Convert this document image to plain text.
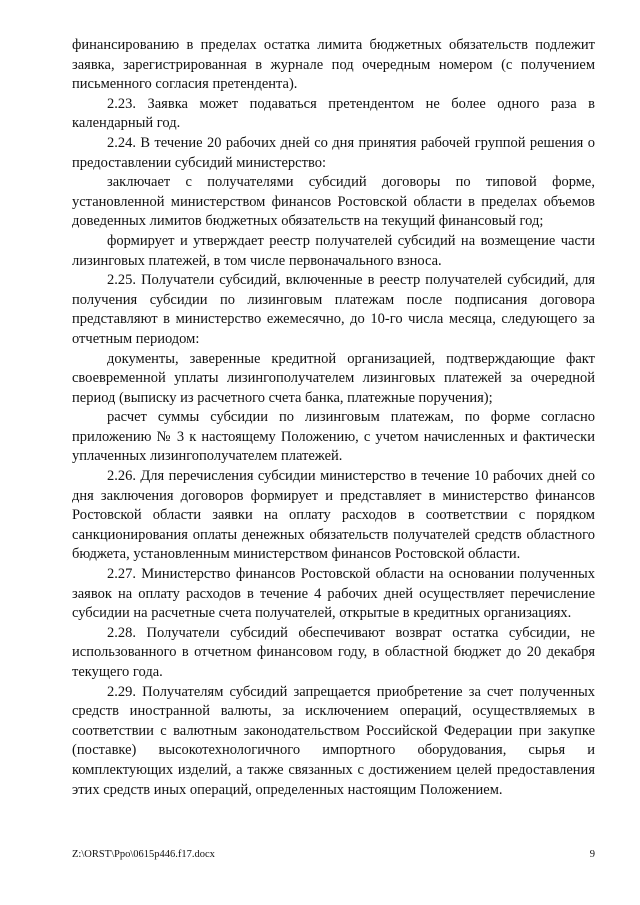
финансированию в пределах остатка лимита бюджетных обязательств подлежит заявка, зарегистрированная в журнале под очередным номером (с получением письменного согласия претендента).

2.23. Заявка может подаваться претендентом не более одного раза в календарный год.

2.24. В течение 20 рабочих дней со дня принятия рабочей группой решения о предоставлении субсидий министерство:

заключает с получателями субсидий договоры по типовой форме, установленной министерством финансов Ростовской области в пределах объемов доведенных лимитов бюджетных обязательств на текущий финансовый год;

формирует и утверждает реестр получателей субсидий на возмещение части лизинговых платежей, в том числе первоначального взноса.

2.25. Получатели субсидий, включенные в реестр получателей субсидий, для получения субсидии по лизинговым платежам после подписания договора представляют в министерство ежемесячно, до 10-го числа месяца, следующего за отчетным периодом:

документы, заверенные кредитной организацией, подтверждающие факт своевременной уплаты лизингополучателем лизинговых платежей за очередной период (выписку из расчетного счета банка, платежные поручения);

расчет суммы субсидии по лизинговым платежам, по форме согласно приложению № 3 к настоящему Положению, с учетом начисленных и фактически уплаченных лизингополучателем платежей.

2.26. Для перечисления субсидии министерство в течение 10 рабочих дней со дня заключения договоров формирует и представляет в министерство финансов Ростовской области заявки на оплату расходов в соответствии с порядком санкционирования оплаты денежных обязательств получателей средств областного бюджета, установленным министерством финансов Ростовской области.

2.27. Министерство финансов Ростовской области на основании полученных заявок на оплату расходов в течение 4 рабочих дней осуществляет перечисление субсидии на расчетные счета получателей, открытые в кредитных организациях.

2.28. Получатели субсидий обеспечивают возврат остатка субсидии, не использованного в отчетном финансовом году, в областной бюджет до 20 декабря текущего года.

2.29. Получателям субсидий запрещается приобретение за счет полученных средств иностранной валюты, за исключением операций, осуществляемых в соответствии с валютным законодательством Российской Федерации при закупке (поставке) высокотехнологичного импортного оборудования, сырья и комплектующих изделий, а также связанных с достижением целей предоставления этих средств иных операций, определенных настоящим Положением.

Z:\ORST\Ppo\0615p446.f17.docx	9
